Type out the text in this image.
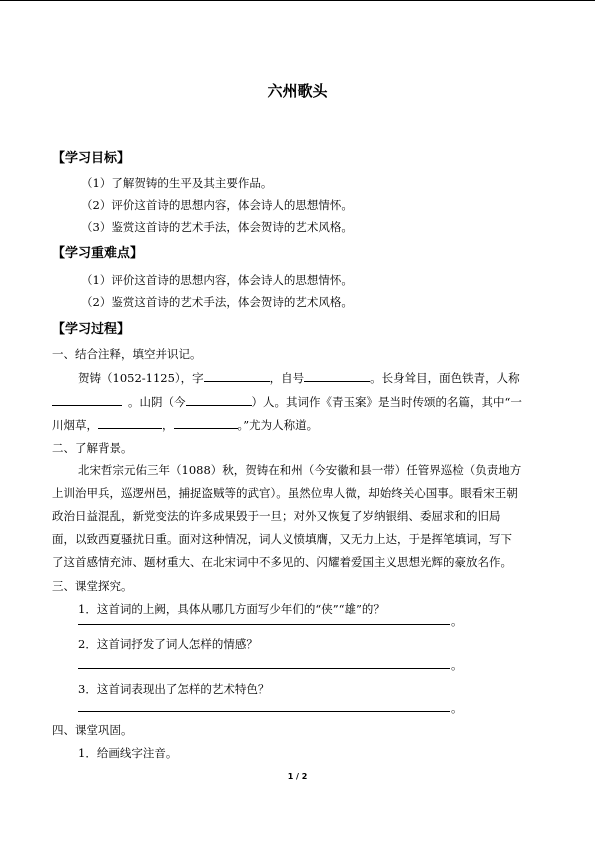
六州歌头
【学习目标】
（1）了解贺铸的生平及其主要作品。
（2）评价这首诗的思想内容，体会诗人的思想情怀。
（3）鉴赏这首诗的艺术手法，体会贺诗的艺术风格。
【学习重难点】
（1）评价这首诗的思想内容，体会诗人的思想情怀。
（2）鉴赏这首诗的艺术手法，体会贺诗的艺术风格。
【学习过程】
一、结合注释，填空并识记。
贺铸（1052-1125），字	，自号	。长身耸目，面色铁青，人称
。山阴（今	）人。其词作《青玉案》是当时传颂的名篇，其中“一
川烟草，	，	。”尤为人称道。
二、了解背景。
北宋哲宗元佑三年（1088）秋，贺铸在和州（今安徽和县一带）任管界巡检（负责地方
上训治甲兵，巡逻州邑，捕捉盗贼等的武官）。虽然位卑人微，却始终关心国事。眼看宋王朝
政治日益混乱，新党变法的许多成果毁于一旦；对外又恢复了岁纳银绢、委屈求和的旧局
面，以致西夏骚扰日重。面对这种情况，词人义愤填膺，又无力上达，于是挥笔填词，写下
了这首感情充沛、题材重大、在北宋词中不多见的、闪耀着爱国主义思想光辉的豪放名作。
三、课堂探究。
1．这首词的上阙，具体从哪几方面写少年们的“侠”“雄”的？
。
2．这首词抒发了词人怎样的情感？
。
3．这首词表现出了怎样的艺术特色？
。
四、课堂巩固。
1．给画线字注音。
1 / 2
